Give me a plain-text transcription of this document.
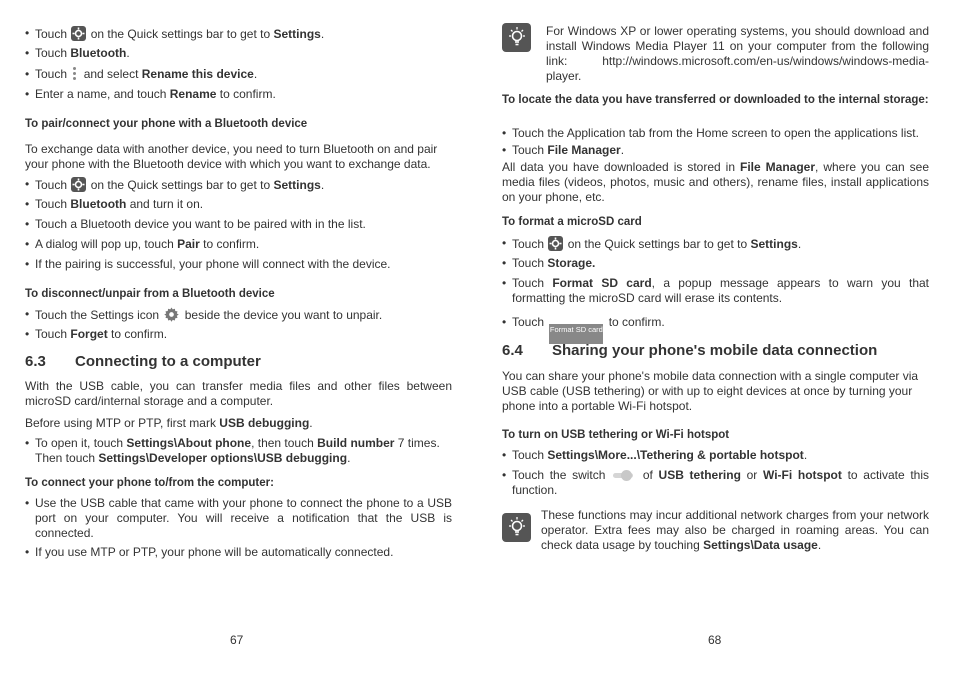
• Touch
on the Quick settings bar to get to Settings.
• Touch Bluetooth.
• Touch
and select Rename this device.
• Enter a name, and touch Rename to confirm.
To pair/connect your phone with a Bluetooth device
To exchange data with another device, you need to turn Bluetooth on and pair your phone with the Bluetooth device with which you want to exchange data.
• Touch
on the Quick settings bar to get to Settings.
• Touch Bluetooth and turn it on.
• Touch a Bluetooth device you want to be paired with in the list.
• A dialog will pop up, touch Pair to confirm.
• If the pairing is successful, your phone will connect with the device.
To disconnect/unpair from a Bluetooth device
• Touch the Settings icon  beside the device you want to unpair.
• Touch Forget to confirm.
6.3 Connecting to a computer
With the USB cable, you can transfer media files and other files between microSD card/internal storage and a computer.
Before using MTP or PTP, first mark USB debugging.
• To open it, touch Settings\About phone, then touch Build number 7 times. Then touch Settings\Developer options\USB debugging.
To connect your phone to/from the computer:
• Use the USB cable that came with your phone to connect the phone to a USB port on your computer. You will receive a notification that the USB is connected.
• If you use MTP or PTP, your phone will be automatically connected.
67
For Windows XP or lower operating systems, you should download and install Windows Media Player 11 on your computer from the following link: http://windows.microsoft.com/en-us/windows/windows-media-player.
To locate the data you have transferred or downloaded to the internal storage:
• Touch the Application tab from the Home screen to open the applications list.
• Touch File Manager.
All data you have downloaded is stored in File Manager, where you can see media files (videos, photos, music and others), rename files, install applications on your phone, etc.
To format a microSD card
• Touch
on the Quick settings bar to get to Settings.
• Touch Storage.
• Touch Format SD card, a popup message appears to warn you that formatting the microSD card will erase its contents.
• Touch Format SD card to confirm.
6.4 Sharing your phone's mobile data connection
You can share your phone's mobile data connection with a single computer via USB cable (USB tethering) or with up to eight devices at once by turning your phone into a portable Wi-Fi hotspot.
To turn on USB tethering or Wi-Fi hotspot
• Touch Settings\More...\Tethering & portable hotspot.
• Touch the switch
of USB tethering or Wi-Fi hotspot to activate this function.
These functions may incur additional network charges from your network operator. Extra fees may also be charged in roaming areas. You can check data usage by touching Settings\Data usage.
68
